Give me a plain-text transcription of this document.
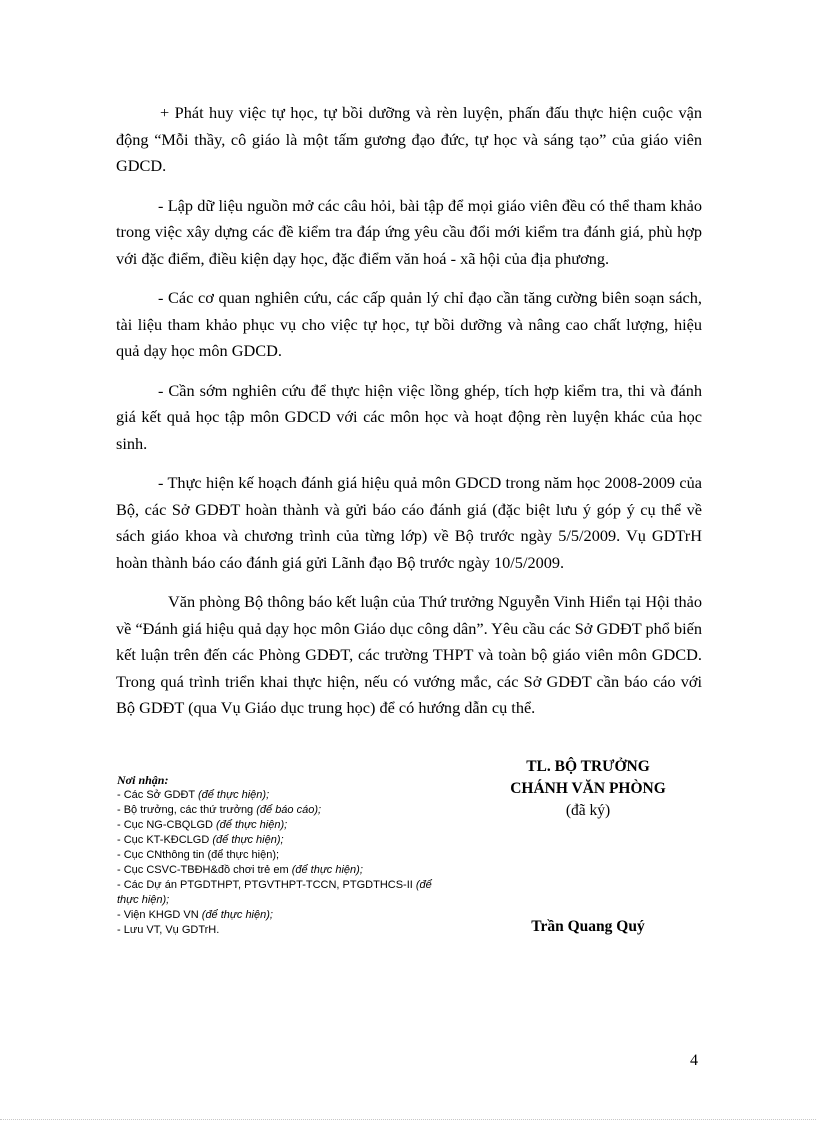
+ Phát huy việc tự học, tự bồi dưỡng và rèn luyện, phấn đấu thực hiện cuộc vận động “Mỗi thầy, cô giáo là một tấm gương đạo đức, tự học và sáng tạo” của giáo viên GDCD.

- Lập dữ liệu nguồn mở các câu hỏi, bài tập để mọi giáo viên đều có thể tham khảo trong việc xây dựng các đề kiểm tra đáp ứng yêu cầu đổi mới kiểm tra đánh giá, phù hợp với đặc điểm, điều kiện dạy học, đặc điểm văn hoá - xã hội của địa phương.

- Các cơ quan nghiên cứu, các cấp quản lý chỉ đạo cần tăng cường biên soạn sách, tài liệu tham khảo phục vụ cho việc tự học, tự bồi dưỡng và nâng cao chất lượng, hiệu quả dạy học môn GDCD.

- Cần sớm nghiên cứu để thực hiện việc lồng ghép, tích hợp kiểm tra, thi và đánh giá kết quả học tập môn GDCD với các môn học và hoạt động rèn luyện khác của học sinh.

- Thực hiện kế hoạch đánh giá hiệu quả môn GDCD trong năm học 2008-2009 của Bộ, các Sở GDĐT hoàn thành và gửi báo cáo đánh giá (đặc biệt lưu ý góp ý cụ thể về sách giáo khoa và chương trình của từng lớp) về Bộ trước ngày 5/5/2009. Vụ GDTrH hoàn thành báo cáo đánh giá gửi Lãnh đạo Bộ trước ngày 10/5/2009.

Văn phòng Bộ thông báo kết luận của Thứ trưởng Nguyễn Vinh Hiển tại Hội thảo về “Đánh giá hiệu quả dạy học môn Giáo dục công dân”. Yêu cầu các Sở GDĐT phổ biến kết luận trên đến các Phòng GDĐT, các trường THPT và toàn bộ giáo viên môn GDCD. Trong quá trình triển khai thực hiện, nếu có vướng mắc, các Sở GDĐT cần báo cáo với Bộ GDĐT (qua Vụ Giáo dục trung học) để có hướng dẫn cụ thể.

TL. BỘ TRƯỞNG
CHÁNH VĂN PHÒNG
(đã ký)
Trần Quang Quý
Nơi nhận:
- Các Sở GDĐT (để thực hiện);
- Bộ trưởng, các thứ trưởng (để báo cáo);
- Cục NG-CBQLGD (để thực hiện);
- Cục KT-KĐCLGD (để thực hiện);
- Cục CNthông tin (để thực hiện);
- Cục CSVC-TBĐH&đồ chơi trẻ em (để thực hiện);
- Các Dự án PTGDTHPT, PTGVTHPT-TCCN, PTGDTHCS-II (để thực hiện);
- Viện KHGD VN (để thực hiện);
- Lưu VT, Vụ GDTrH.
4
